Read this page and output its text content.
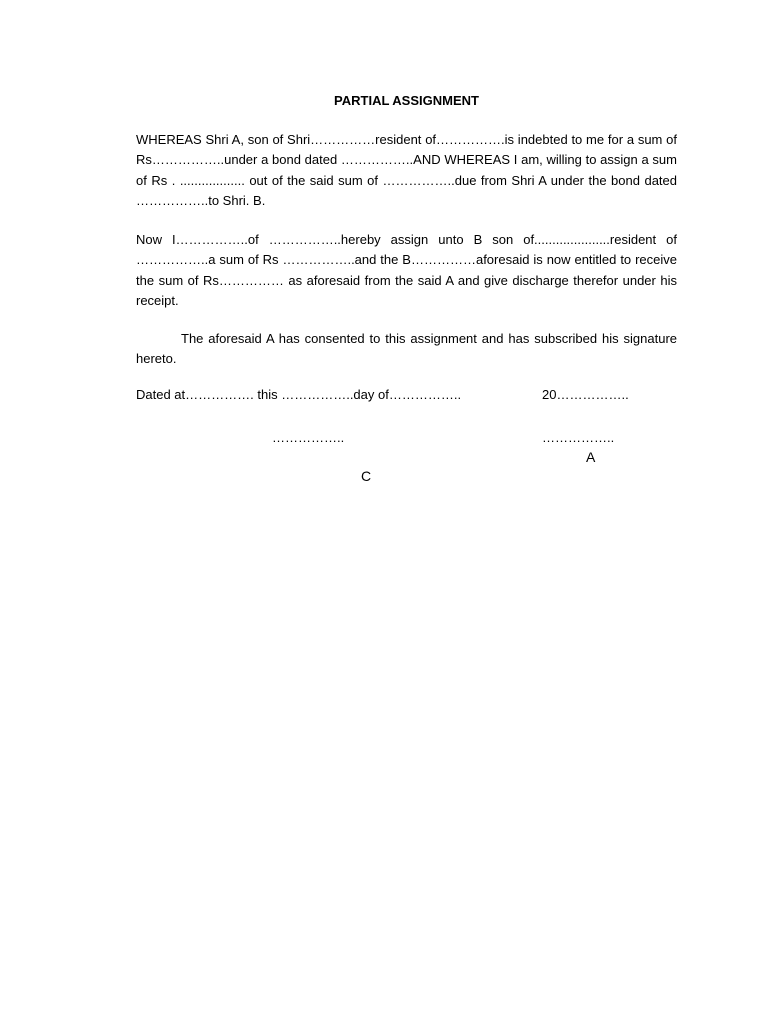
PARTIAL ASSIGNMENT

WHEREAS Shri A, son of Shri……………resident of…………….is indebted to me for a sum of Rs……………..under a bond dated ……………..AND WHEREAS I am, willing to assign a sum of Rs . .................. out of the said sum of ……………..due from Shri A under the bond dated ……………..to Shri. B.

Now I……………..of ……………..hereby assign unto B son of.....................resident of ……………..a sum of Rs ……………..and the B……………aforesaid is now entitled to receive the sum of Rs…………… as aforesaid from the said A and give discharge therefor under his receipt.

The aforesaid A has consented to this assignment and has subscribed his signature hereto.

Dated at……………. this ……………..day of……………..	20……………..
……………..	……………..
A
C
